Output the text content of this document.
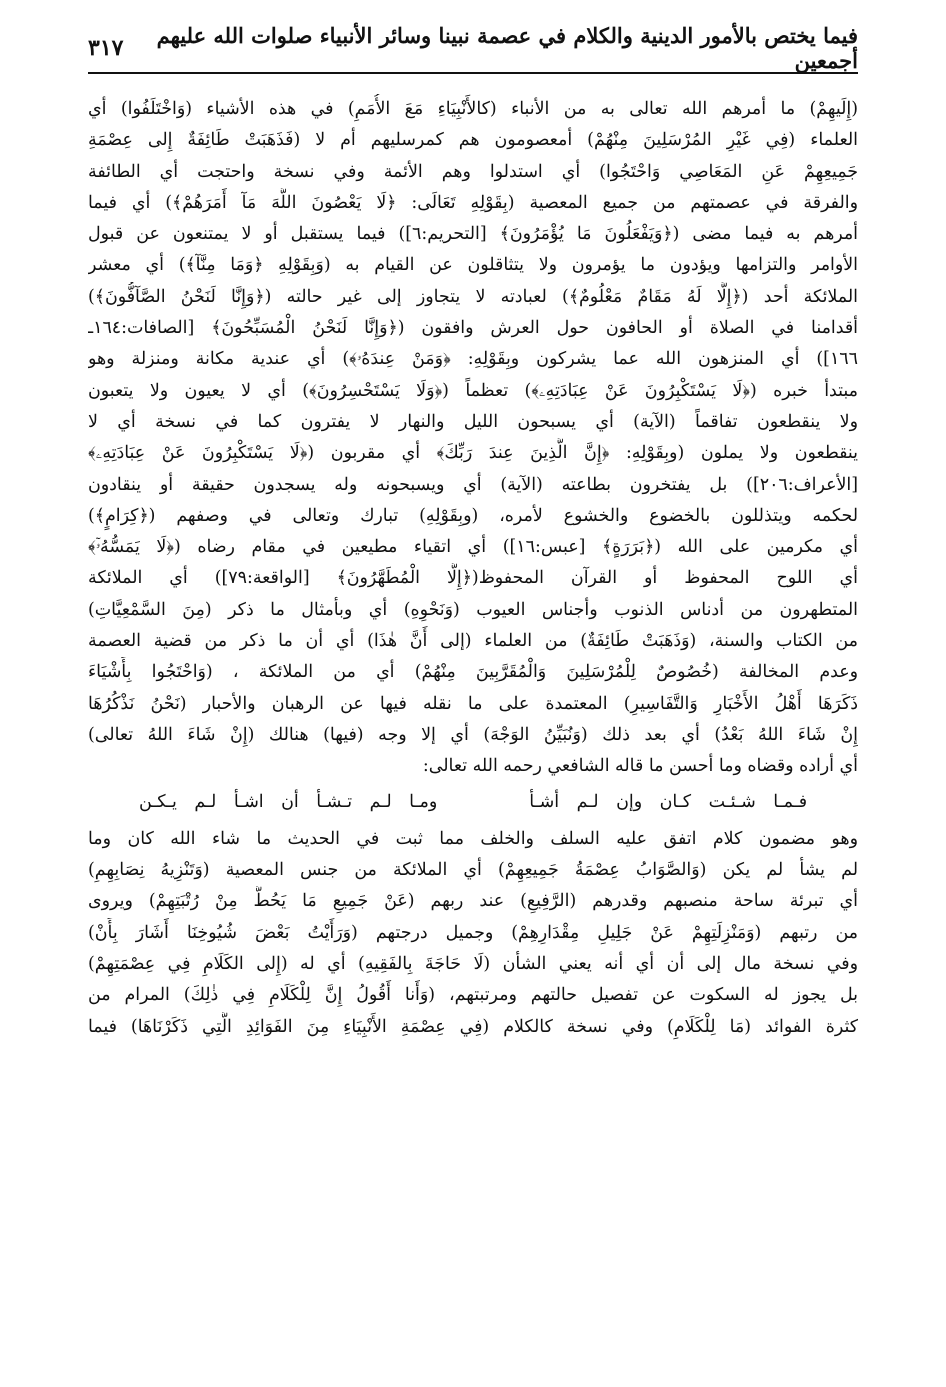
فيما يختص بالأمور الدينية والكلام في عصمة نبينا وسائر الأنبياء صلوات الله عليهم أجمعين
٣١٧
(إِلَيهِمْ) ما أمرهم الله تعالى به من الأنباء (كالأَنْبِيَاءِ مَعَ الأُمَمِ) في هذه الأشياء (وَاخْتَلَفُوا) أي
العلماء (فِي غَيْرِ المُرْسَلِينَ مِنْهُمْ) أمعصومون هم كمرسليهم أم لا (فَذَهَبَتْ طَائِفَةٌ إِلى عِصْمَةِ
جَمِيعِهِمْ عَنِ المَعَاصِي وَاحْتَجُوا) أي استدلوا وهم الأئمة وفي نسخة واحتجت أي الطائفة
والفرقة في عصمتهم من جميع المعصية (بِقَوْلِهِ تَعَالَى: ﴿لَا يَعْصُونَ اللَّهَ مَآ أَمَرَهُمْ﴾) أي فيما
أمرهم به فيما مضى (﴿وَيَفْعَلُونَ مَا يُؤْمَرُونَ﴾ [التحريم:٦]) فيما يستقبل أو لا يمتنعون عن قبول
الأوامر والتزامها ويؤدون ما يؤمرون ولا يتثاقلون عن القيام به (وَبِقَوْلِهِ ﴿وَمَا مِنَّآ﴾) أي معشر
الملائكة أحد (﴿إِلَّا لَهُ مَقَامٌ مَعْلُومٌ﴾) لعبادته لا يتجاوز إلى غير حالته (﴿وَإِنَّا لَنَحْنُ الصَّآفُّونَ﴾)
أقدامنا في الصلاة أو الحافون حول العرش وافقون (﴿وَإِنَّا لَنَحْنُ الْمُسَبِّحُونَ﴾ [الصافات:١٦٤ـ
١٦٦]) أي المنزهون الله عما يشركون وبِقَوْلِهِ: ﴿وَمَنْ عِندَهُۥ﴾) أي عندية مكانة ومنزلة وهو
مبتدأ خبره (﴿لَا يَسْتَكْبِرُونَ عَنْ عِبَادَتِهِۦ﴾) تعظماً (﴿وَلَا يَسْتَحْسِرُونَ﴾) أي لا يعيون ولا يتعبون
ولا ينقطعون تفاقماً (الآية) أي يسبحون الليل والنهار لا يفترون كما في نسخة أي لا
ينقطعون ولا يملون (وبِقَوْلِهِ: ﴿إِنَّ الَّذِينَ عِندَ رَبِّكَ﴾ أي مقربون (﴿لَا يَسْتَكْبِرُونَ عَنْ عِبَادَتِهِۦ﴾
[الأعراف:٢٠٦]) بل يفتخرون بطاعته (الآية) أي ويسبحونه وله يسجدون حقيقة أو ينقادون
لحكمه ويتذللون بالخضوع والخشوع لأمره، (وبِقَوْلِهِ) تبارك وتعالى في وصفهم (﴿كِرَامٍ﴾)
أي مكرمين على الله (﴿بَرَرَةٍ﴾ [عبس:١٦]) أي اتقياء مطيعين في مقام رضاه (﴿لَا يَمَسُّهُۥٓ﴾
أي اللوح المحفوظ أو القرآن المحفوظ(﴿إِلَّا الْمُطَهَّرُونَ﴾ [الواقعة:٧٩]) أي الملائكة
المتطهرون من أدناس الذنوب وأجناس العيوب (وَنَحْوِهِ) أي وبأمثال ما ذكر (مِنَ السَّمْعِيَّاتِ)
من الكتاب والسنة، (وَذَهَبَتْ طَائِفَةٌ) من العلماء (إلى أَنَّ هٰذَا) أي أن ما ذكر من قضية العصمة
وعدم المخالفة (خُصُوصٌ لِلْمُرْسَلِينَ وَالْمُقَرَّبِينَ مِنْهُمْ) أي من الملائكة ، (وَاحْتَجُوا بِأَشْيَاءَ
ذَكَرَهَا أَهْلُ الأَخْبَارِ وَالتَّفَاسِيرِ) المعتمدة على ما نقله فيها عن الرهبان والأحبار (نَحْنُ نَذْكُرُهَا
إِنْ شَاءَ اللهُ بَعْدُ) أي بعد ذلك (وَنُبَيِّنُ الوَجْهَ) أي إلا وجه (فيها) هنالك (إِنْ شَاءَ اللهُ تعالى)
أي أراده وقضاه وما أحسن ما قاله الشافعي رحمه الله تعالى:
فـمـا شـئـت كـان وإن لـم أشـأ
ومـا لـم تـشـأ أن اشـأ لـم يـكـن
وهو مضمون كلام اتفق عليه السلف والخلف مما ثبت في الحديث ما شاء الله كان وما
لم يشأ لم يكن (وَالصَّوَابُ عِصْمَةُ جَمِيعِهِمْ) أي الملائكة من جنس المعصية (وَتَنْزِيهُ نِصَابِهِمِ)
أي تبرئة ساحة منصبهم وقدرهم (الرَّفِيعِ) عند ربهم (عَنْ جَمِيعِ مَا يَحُطُّ مِنْ رُتْبَتِهِمْ) ويروى
من رتبهم (وَمَنْزِلَتِهِمْ عَنْ جَلِيلِ مِقْدَارِهِمْ) وجميل درجتهم (وَرَأَيْتُ بَعْضَ شُيُوخِنَا أَشَارَ بِأَنْ)
وفي نسخة مال إلى أن أي أنه يعني الشأن (لَا حَاجَةَ بِالفَقِيهِ) أي له (إِلى الكَلَامِ فِي عِصْمَتِهِمْ)
بل يجوز له السكوت عن تفصيل حالتهم ومرتبتهم، (وَأَنا أَقُولُ إِنَّ لِلْكَلَامِ فِي ذٰلِكَ) المرام من
كثرة الفوائد (مَا لِلْكَلَامِ) وفي نسخة كالكلام (فِي عِصْمَةِ الأَنْبِيَاءِ مِنَ الفَوَائِدِ الَّتِي ذَكَرْنَاهَا) فيما
